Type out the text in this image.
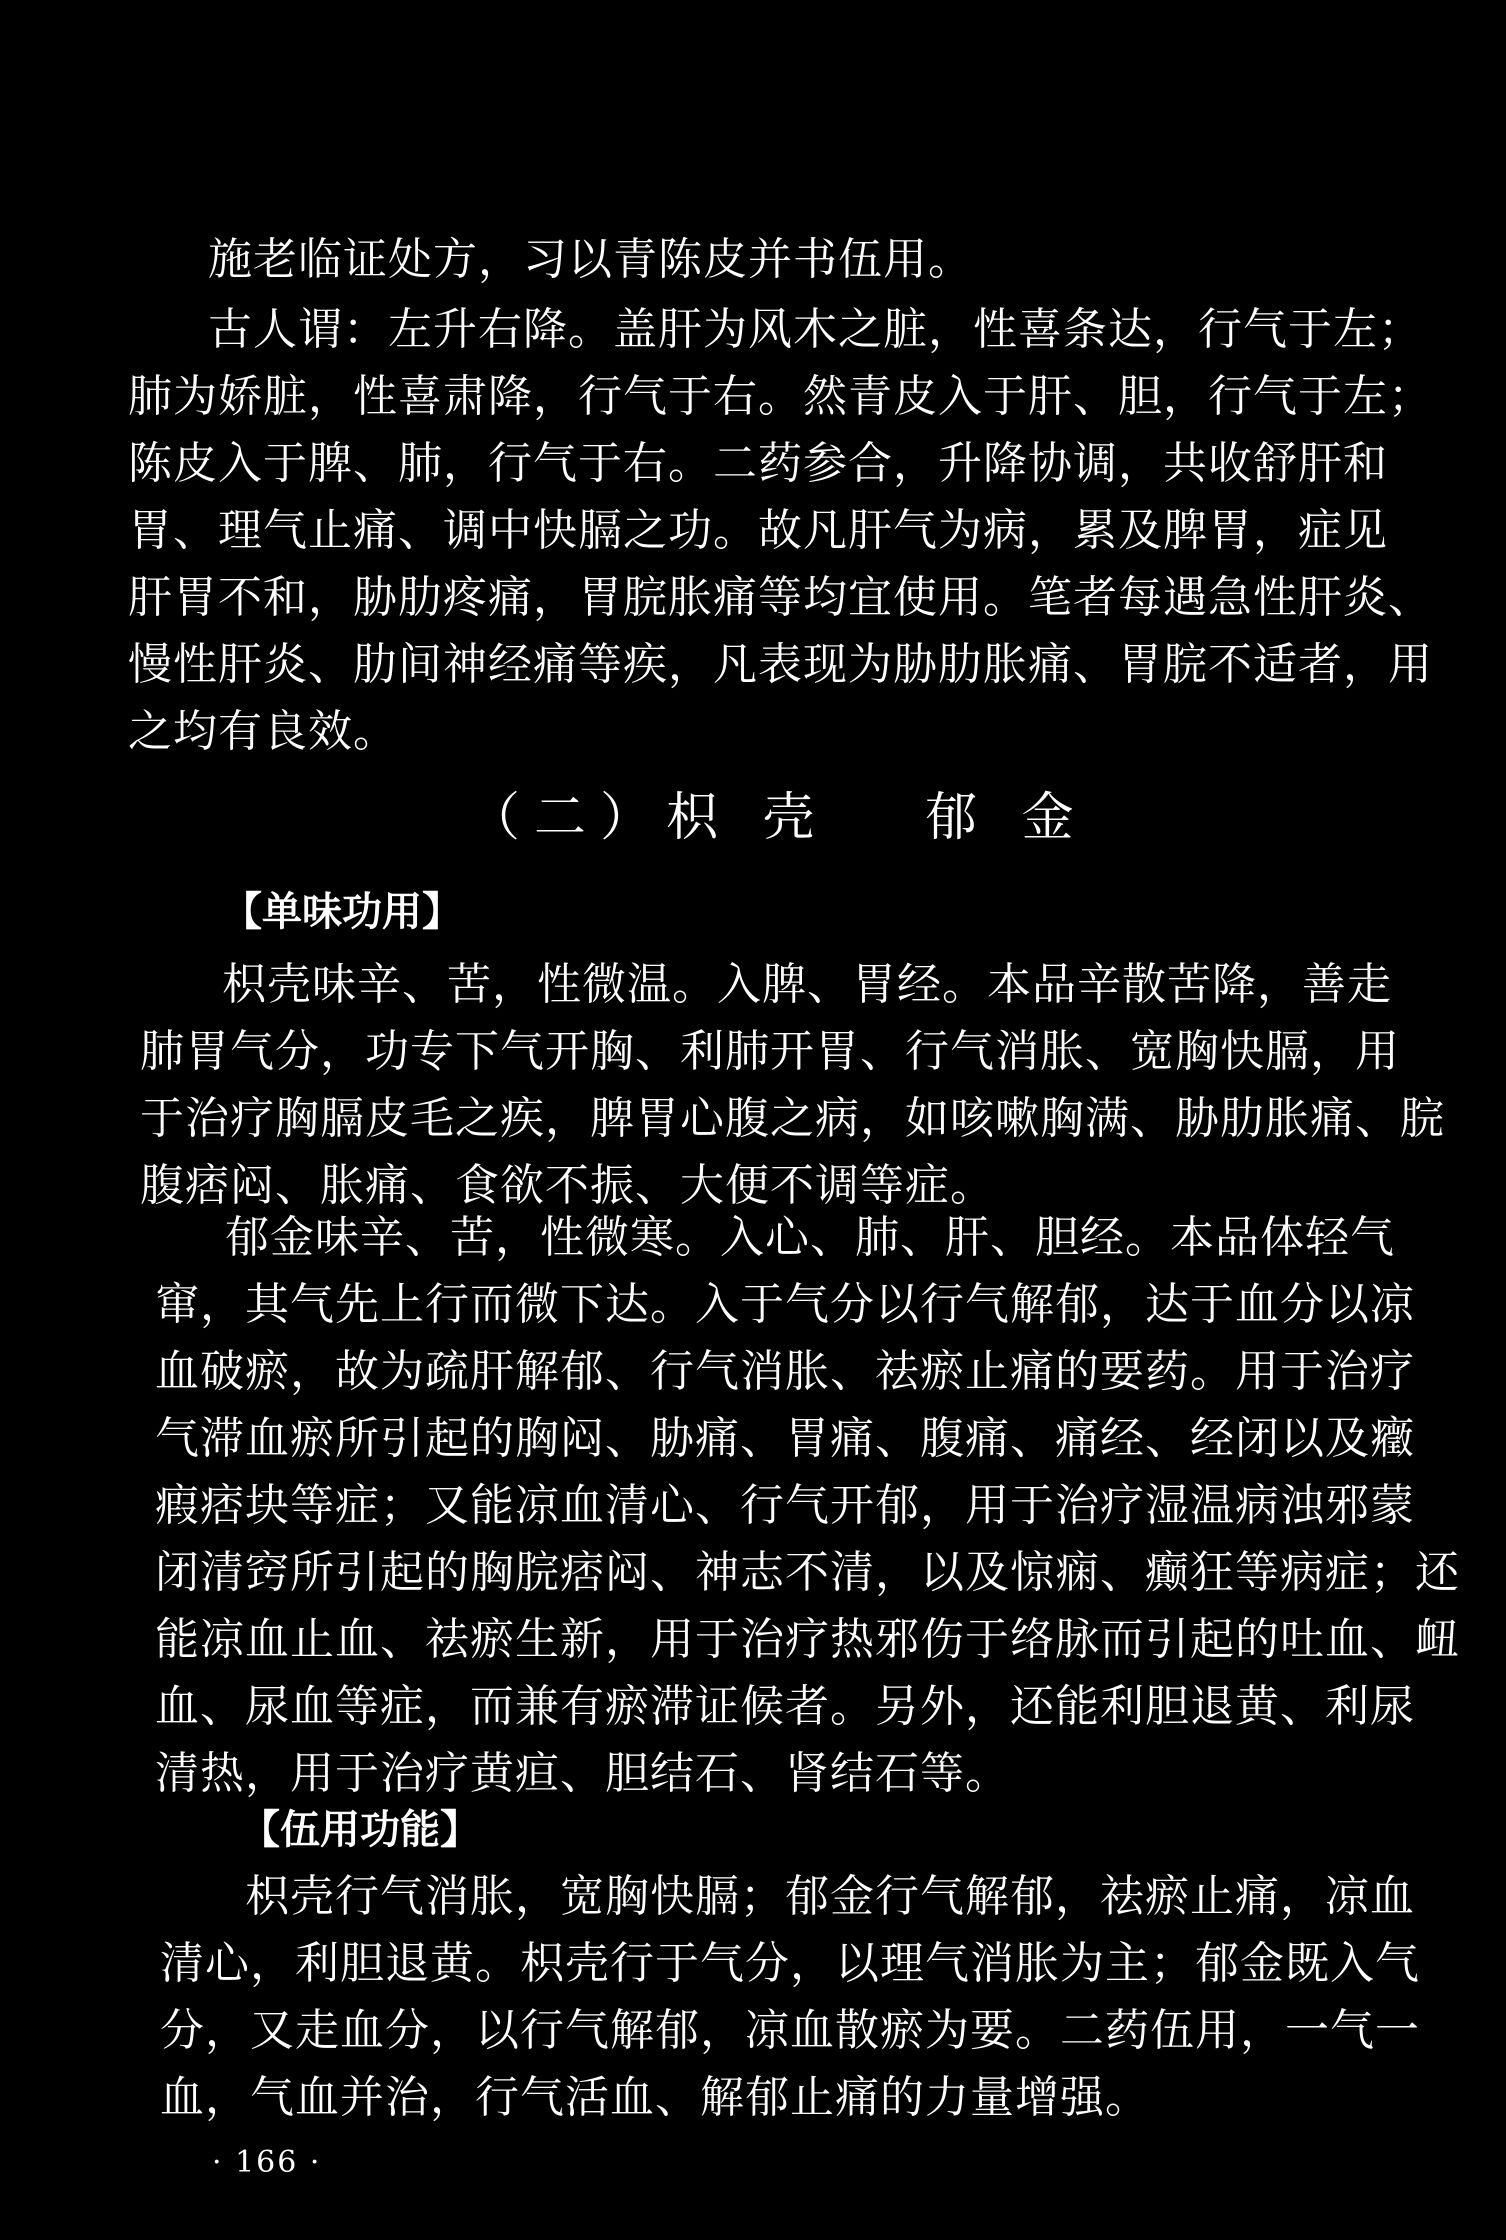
施老临证处方，习以青陈皮并书伍用。
古人谓：左升右降。盖肝为风木之脏，性喜条达，行气于左；
肺为娇脏，性喜肃降，行气于右。然青皮入于肝、胆，行气于左；
陈皮入于脾、肺，行气于右。二药参合，升降协调，共收舒肝和
胃、理气止痛、调中快膈之功。故凡肝气为病，累及脾胃，症见
肝胃不和，胁肋疼痛，胃脘胀痛等均宜使用。笔者每遇急性肝炎、
慢性肝炎、肋间神经痛等疾，凡表现为胁肋胀痛、胃脘不适者，用
之均有良效。
（二）枳 壳　 郁 金
【单味功用】
枳壳味辛、苦，性微温。入脾、胃经。本品辛散苦降，善走
肺胃气分，功专下气开胸、利肺开胃、行气消胀、宽胸快膈，用
于治疗胸膈皮毛之疾，脾胃心腹之病，如咳嗽胸满、胁肋胀痛、脘
腹痞闷、胀痛、食欲不振、大便不调等症。
郁金味辛、苦，性微寒。入心、肺、肝、胆经。本品体轻气
窜，其气先上行而微下达。入于气分以行气解郁，达于血分以凉
血破瘀，故为疏肝解郁、行气消胀、祛瘀止痛的要药。用于治疗
气滞血瘀所引起的胸闷、胁痛、胃痛、腹痛、痛经、经闭以及癥
瘕痞块等症；又能凉血清心、行气开郁，用于治疗湿温病浊邪蒙
闭清窍所引起的胸脘痞闷、神志不清，以及惊痫、癫狂等病症；还
能凉血止血、祛瘀生新，用于治疗热邪伤于络脉而引起的吐血、衄
血、尿血等症，而兼有瘀滞证候者。另外，还能利胆退黄、利尿
清热，用于治疗黄疸、胆结石、肾结石等。
【伍用功能】
枳壳行气消胀，宽胸快膈；郁金行气解郁，祛瘀止痛，凉血
清心，利胆退黄。枳壳行于气分，以理气消胀为主；郁金既入气
分，又走血分，以行气解郁，凉血散瘀为要。二药伍用，一气一
血，气血并治，行气活血、解郁止痛的力量增强。
· 166 ·
